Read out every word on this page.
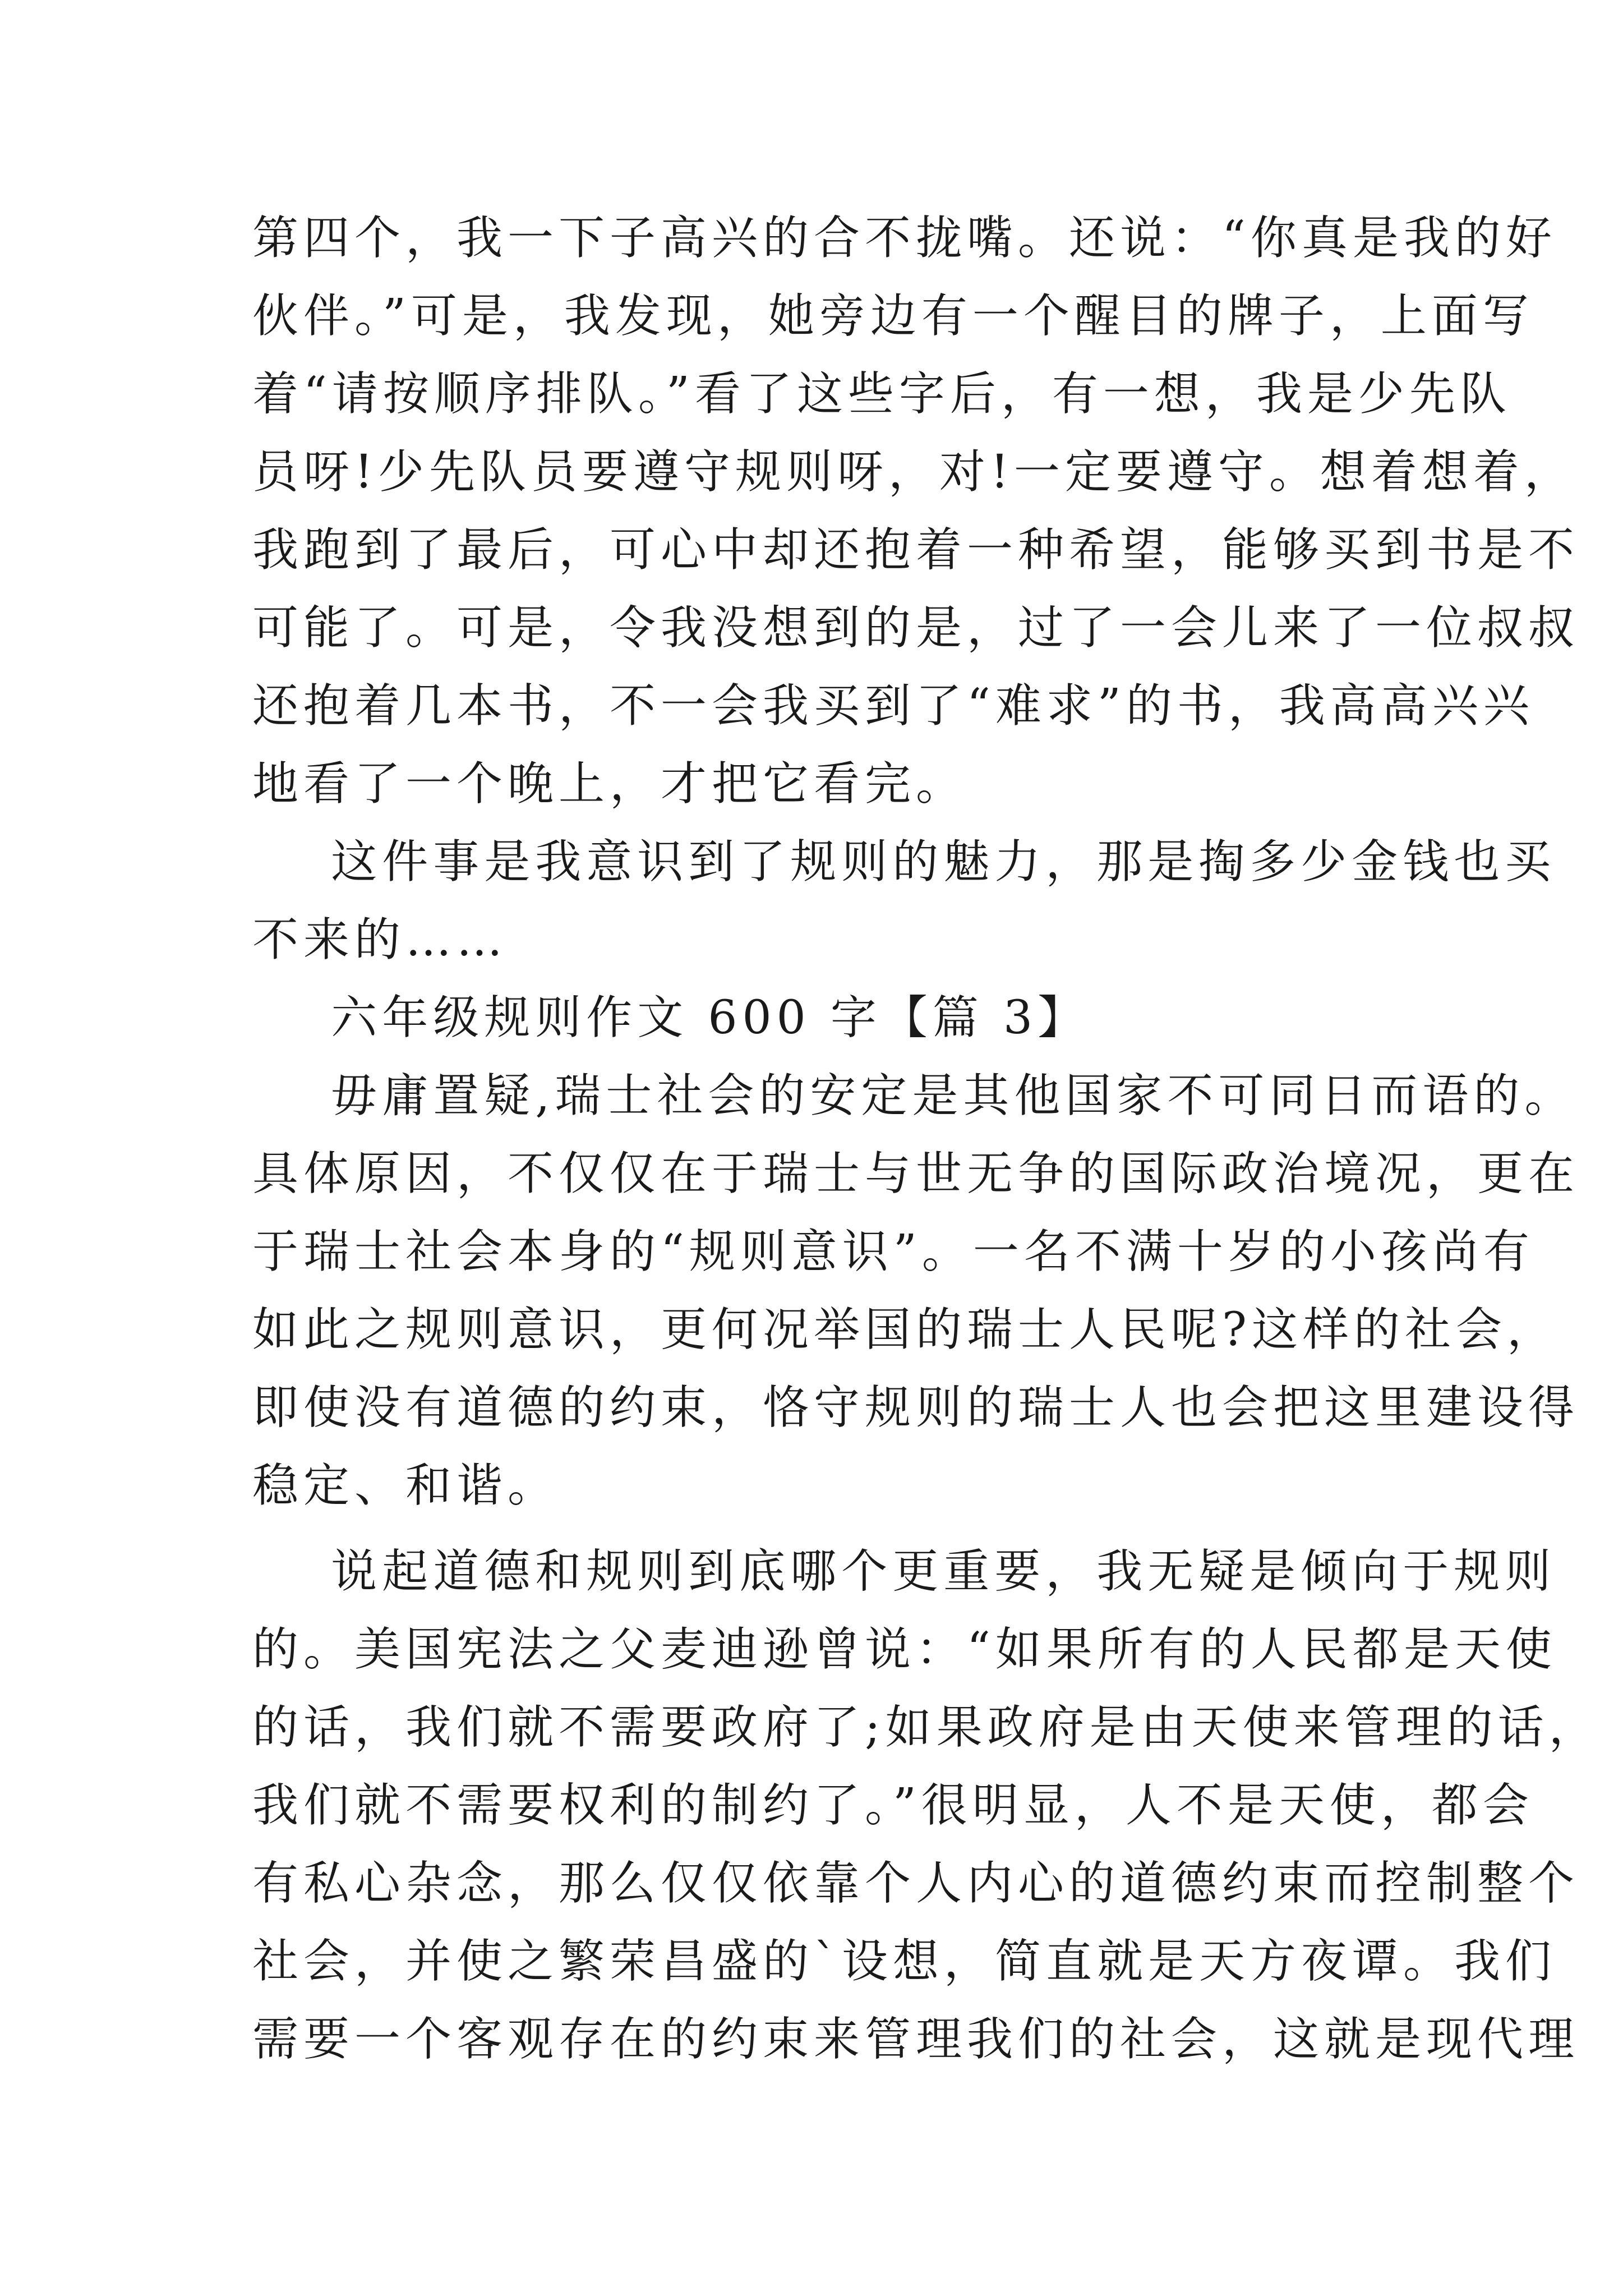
第四个，我一下子高兴的合不拢嘴。还说：“你真是我的好
伙伴。”可是，我发现，她旁边有一个醒目的牌子，上面写
着“请按顺序排队。”看了这些字后，有一想，我是少先队
员呀!少先队员要遵守规则呀，对!一定要遵守。想着想着，
我跑到了最后，可心中却还抱着一种希望，能够买到书是不
可能了。可是，令我没想到的是，过了一会儿来了一位叔叔
还抱着几本书，不一会我买到了“难求”的书，我高高兴兴
地看了一个晚上，才把它看完。
这件事是我意识到了规则的魅力，那是掏多少金钱也买
不来的……
六年级规则作文 600 字【篇 3】
毋庸置疑,瑞士社会的安定是其他国家不可同日而语的。
具体原因，不仅仅在于瑞士与世无争的国际政治境况，更在
于瑞士社会本身的“规则意识”。一名不满十岁的小孩尚有
如此之规则意识，更何况举国的瑞士人民呢?这样的社会，
即使没有道德的约束，恪守规则的瑞士人也会把这里建设得
稳定、和谐。
说起道德和规则到底哪个更重要，我无疑是倾向于规则
的。美国宪法之父麦迪逊曾说：“如果所有的人民都是天使
的话，我们就不需要政府了;如果政府是由天使来管理的话，
我们就不需要权利的制约了。”很明显，人不是天使，都会
有私心杂念，那么仅仅依靠个人内心的道德约束而控制整个
社会，并使之繁荣昌盛的`设想，简直就是天方夜谭。我们
需要一个客观存在的约束来管理我们的社会，这就是现代理
